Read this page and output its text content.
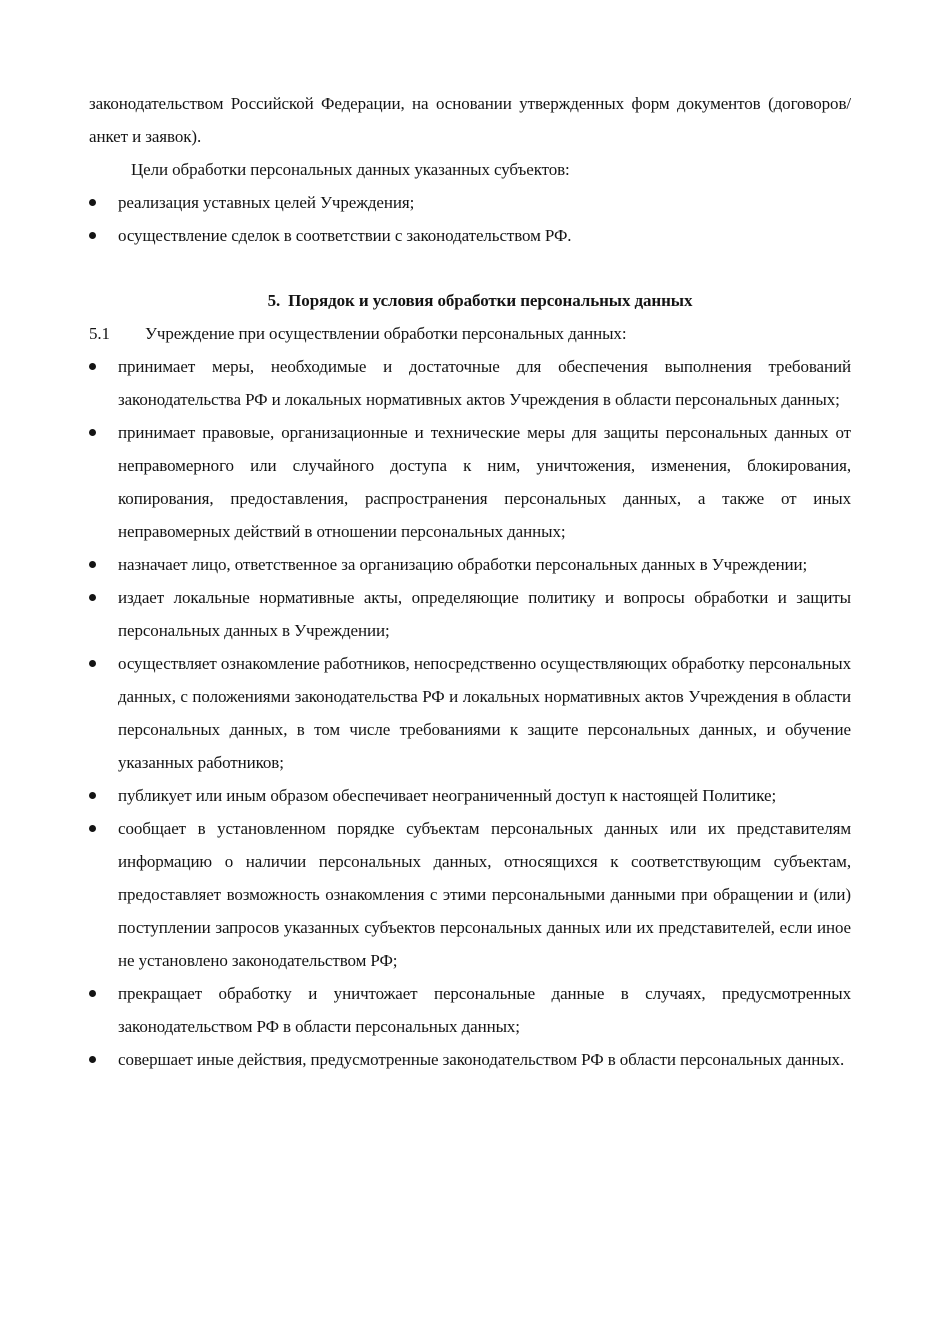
законодательством Российской Федерации, на основании утвержденных форм документов (договоров/анкет и заявок).

Цели обработки персональных данных указанных субъектов:

реализация уставных целей Учреждения;
осуществление сделок в соответствии с законодательством РФ.

5. Порядок и условия обработки персональных данных

5.1 Учреждение при осуществлении обработки персональных данных:

принимает меры, необходимые и достаточные для обеспечения выполнения требований законодательства РФ и локальных нормативных актов Учреждения в области персональных данных;
принимает правовые, организационные и технические меры для защиты персональных данных от неправомерного или случайного доступа к ним, уничтожения, изменения, блокирования, копирования, предоставления, распространения персональных данных, а также от иных неправомерных действий в отношении персональных данных;
назначает лицо, ответственное за организацию обработки персональных данных в Учреждении;
издает локальные нормативные акты, определяющие политику и вопросы обработки и защиты персональных данных в Учреждении;
осуществляет ознакомление работников, непосредственно осуществляющих обработку персональных данных, с положениями законодательства РФ и локальных нормативных актов Учреждения в области персональных данных, в том числе требованиями к защите персональных данных, и обучение указанных работников;
публикует или иным образом обеспечивает неограниченный доступ к настоящей Политике;
сообщает в установленном порядке субъектам персональных данных или их представителям информацию о наличии персональных данных, относящихся к соответствующим субъектам, предоставляет возможность ознакомления с этими персональными данными при обращении и (или) поступлении запросов указанных субъектов персональных данных или их представителей, если иное не установлено законодательством РФ;
прекращает обработку и уничтожает персональные данные в случаях, предусмотренных законодательством РФ в области персональных данных;
совершает иные действия, предусмотренные законодательством РФ в области персональных данных.
